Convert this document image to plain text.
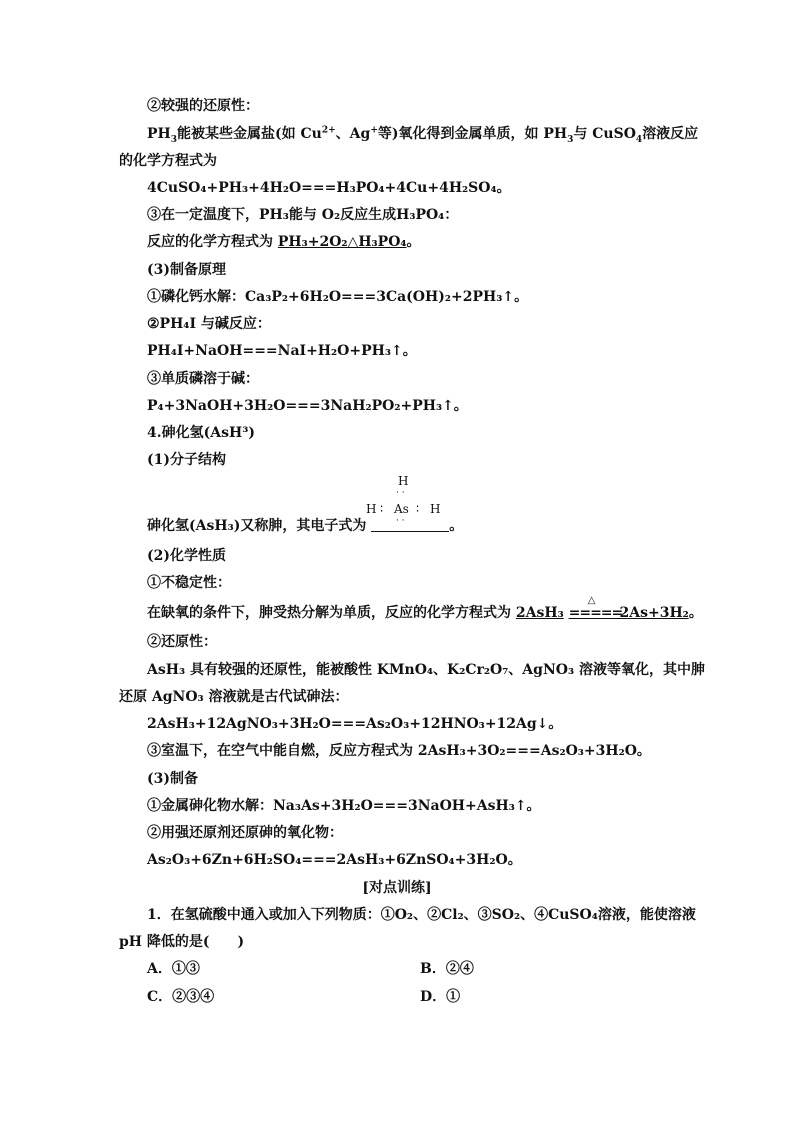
②较强的还原性：
$PH_3$能被某些金属盐(如 $Cu^{2+}$、Ag+等)氧化得到金属单质，如 $PH_3$与 CuSO$_4$溶液反应
的化学方程式为
4CuSO₄+PH₃+4H₂O===H₃PO₄+4Cu+4H₂SO₄。
③在一定温度下，PH₃能与 O₂反应生成H₃PO₄：
反应的化学方程式为 PH₃+2O₂△H₃PO₄。
(3)制备原理
①磷化钙水解：Ca₃P₂+6H₂O===3Ca(OH)₂+2PH₃↑。
②PH₄I 与碱反应：
PH₄I+NaOH===NaI+H₂O+PH₃↑。
③单质磷溶于碱：
P₄+3NaOH+3H₂O===3NaH₂PO₂+PH₃↑。
4.砷化氢(AsH³)
(1)分子结构
H
· ·
H ∶ As ∶ H
· ·
砷化氢(AsH₃)又称胂，其电子式为	。
(2)化学性质
①不稳定性：
在缺氧的条件下，胂受热分解为单质，反应的化学方程式为 2AsH₃
△
===== 2As+3H₂。
②还原性：
AsH₃ 具有较强的还原性，能被酸性 KMnO₄、K₂Cr₂O₇、AgNO₃ 溶液等氧化，其中胂
还原 AgNO₃ 溶液就是古代试砷法：
2AsH₃+12AgNO₃+3H₂O===As₂O₃+12HNO₃+12Ag↓。
③室温下，在空气中能自燃，反应方程式为 2AsH₃+3O₂===As₂O₃+3H₂O。
(3)制备
①金属砷化物水解：Na₃As+3H₂O===3NaOH+AsH₃↑。
②用强还原剂还原砷的氧化物：
As₂O₃+6Zn+6H₂SO₄===2AsH₃+6ZnSO₄+3H₂O。
[对点训练]
1．在氢硫酸中通入或加入下列物质：①O₂、②Cl₂、③SO₂、④CuSO₄溶液，能使溶液
pH 降低的是(　　)
A．①③	B．②④
C．②③④	D．①
